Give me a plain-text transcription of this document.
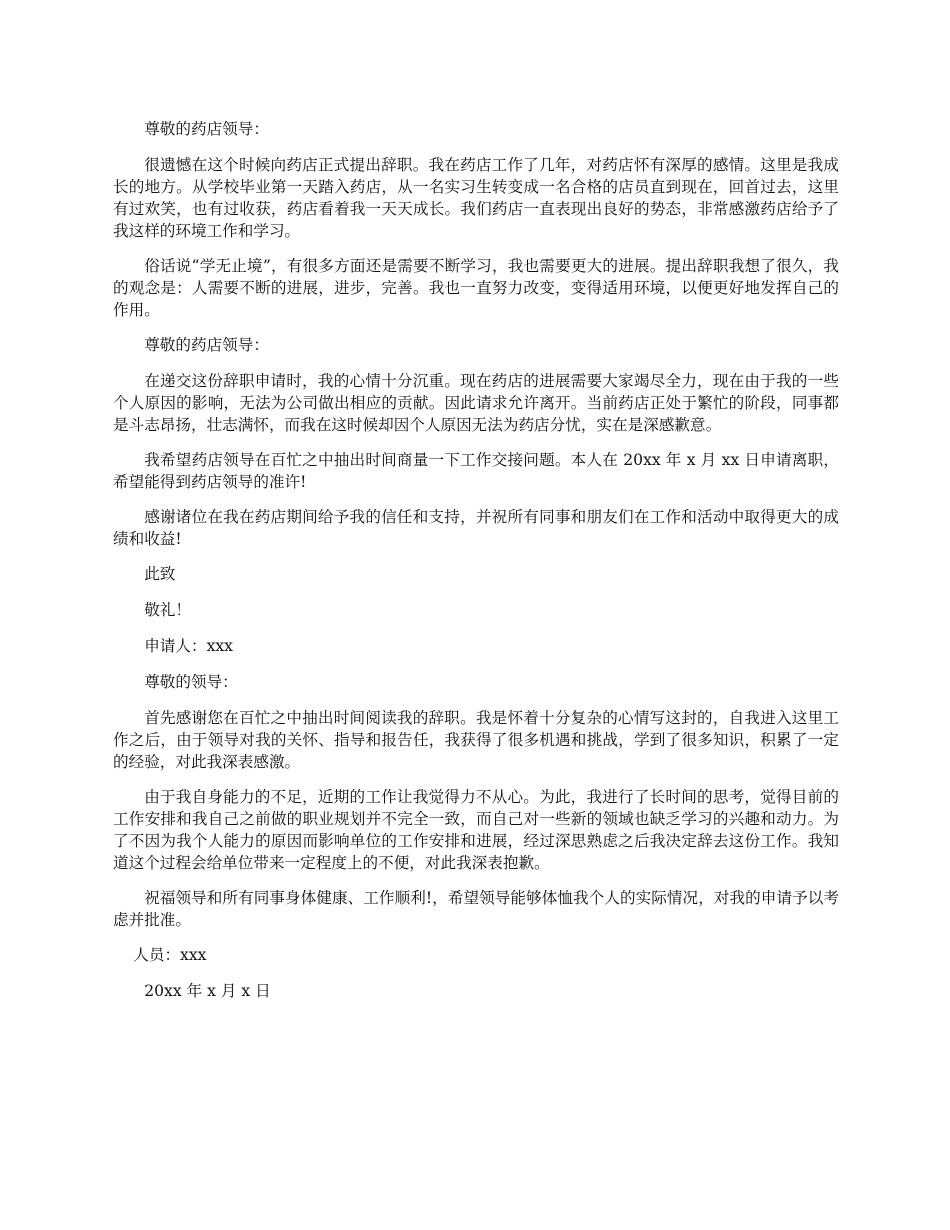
尊敬的药店领导：

很遗憾在这个时候向药店正式提出辞职。我在药店工作了几年，对药店怀有深厚的感情。这里是我成长的地方。从学校毕业第一天踏入药店，从一名实习生转变成一名合格的店员直到现在，回首过去，这里有过欢笑，也有过收获，药店看着我一天天成长。我们药店一直表现出良好的势态，非常感激药店给予了我这样的环境工作和学习。

俗话说“学无止境”，有很多方面还是需要不断学习，我也需要更大的进展。提出辞职我想了很久，我的观念是：人需要不断的进展，进步，完善。我也一直努力改变，变得适用环境，以便更好地发挥自己的作用。

尊敬的药店领导：

在递交这份辞职申请时，我的心情十分沉重。现在药店的进展需要大家竭尽全力，现在由于我的一些个人原因的影响，无法为公司做出相应的贡献。因此请求允许离开。当前药店正处于繁忙的阶段，同事都是斗志昂扬，壮志满怀，而我在这时候却因个人原因无法为药店分忧，实在是深感歉意。

我希望药店领导在百忙之中抽出时间商量一下工作交接问题。本人在 20xx 年 x 月 xx 日申请离职，希望能得到药店领导的准许!

感谢诸位在我在药店期间给予我的信任和支持，并祝所有同事和朋友们在工作和活动中取得更大的成绩和收益!

此致

敬礼！

申请人：xxx

尊敬的领导：

首先感谢您在百忙之中抽出时间阅读我的辞职。我是怀着十分复杂的心情写这封的，自我进入这里工作之后，由于领导对我的关怀、指导和报告任，我获得了很多机遇和挑战，学到了很多知识，积累了一定的经验，对此我深表感激。

由于我自身能力的不足，近期的工作让我觉得力不从心。为此，我进行了长时间的思考，觉得目前的工作安排和我自己之前做的职业规划并不完全一致，而自己对一些新的领域也缺乏学习的兴趣和动力。为了不因为我个人能力的原因而影响单位的工作安排和进展，经过深思熟虑之后我决定辞去这份工作。我知道这个过程会给单位带来一定程度上的不便，对此我深表抱歉。

祝福领导和所有同事身体健康、工作顺利!，希望领导能够体恤我个人的实际情况，对我的申请予以考虑并批准。

人员：xxx

20xx 年 x 月 x 日
